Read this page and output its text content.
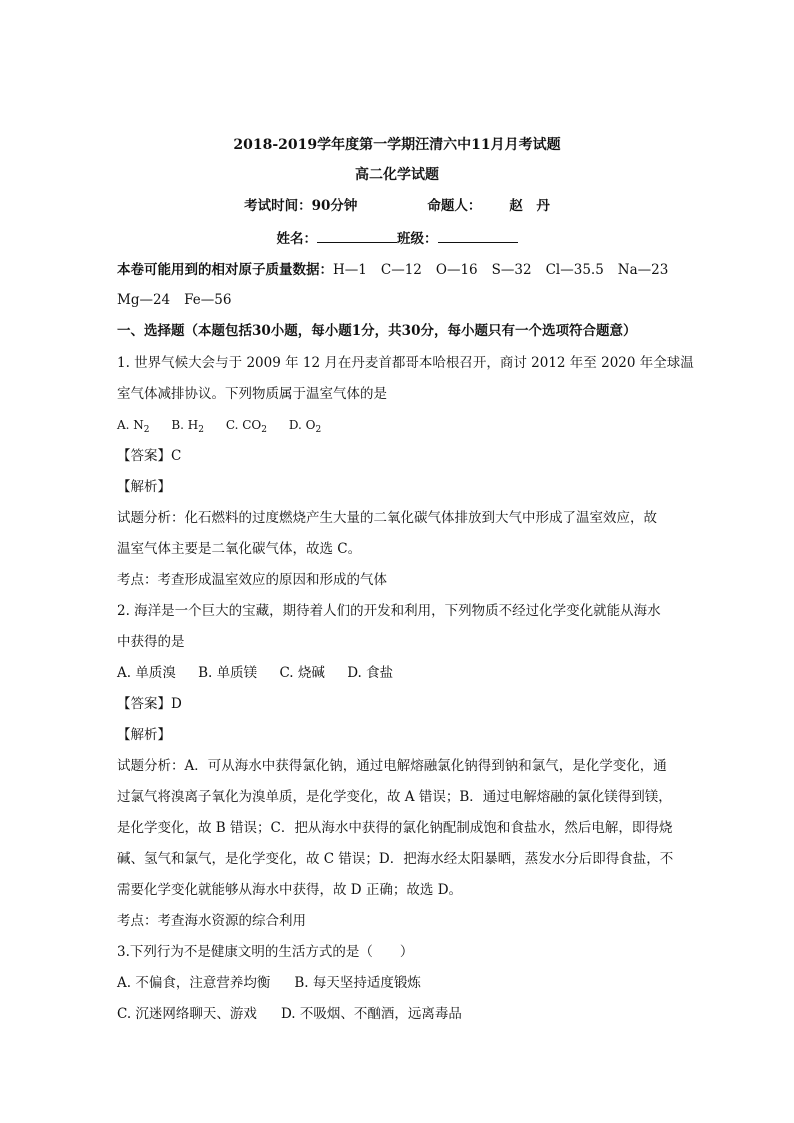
2018-2019学年度第一学期汪清六中11月月考试题
高二化学试题
考试时间：90分钟	命题人： 赵　丹
姓名：	班级：
本卷可能用到的相对原子质量数据：H—1 C—12 O—16 S—32 Cl—35.5 Na—23
Mg—24 Fe—56
一、选择题（本题包括30小题，每小题1分，共30分，每小题只有一个选项符合题意）
1. 世界气候大会与于 2009 年 12 月在丹麦首都哥本哈根召开，商讨 2012 年至 2020 年全球温
室气体减排协议。下列物质属于温室气体的是
A. $N_2$ B. $H_2$ C. $CO_2$ D. $O_2$
【答案】C
【解析】
试题分析：化石燃料的过度燃烧产生大量的二氧化碳气体排放到大气中形成了温室效应，故
温室气体主要是二氧化碳气体，故选 C。
考点：考查形成温室效应的原因和形成的气体
2. 海洋是一个巨大的宝藏，期待着人们的开发和利用，下列物质不经过化学变化就能从海水
中获得的是
A. 单质溴 B. 单质镁 C. 烧碱 D. 食盐
【答案】D
【解析】
试题分析：A．可从海水中获得氯化钠，通过电解熔融氯化钠得到钠和氯气，是化学变化，通
过氯气将溴离子氧化为溴单质，是化学变化，故 A 错误；B．通过电解熔融的氯化镁得到镁，
是化学变化，故 B 错误；C．把从海水中获得的氯化钠配制成饱和食盐水，然后电解，即得烧
碱、氢气和氯气，是化学变化，故 C 错误；D．把海水经太阳暴晒，蒸发水分后即得食盐，不
需要化学变化就能够从海水中获得，故 D 正确；故选 D。
考点：考查海水资源的综合利用
3.下列行为不是健康文明的生活方式的是（　　）
A. 不偏食，注意营养均衡 B. 每天坚持适度锻炼
C. 沉迷网络聊天、游戏 D. 不吸烟、不酗酒，远离毒品
